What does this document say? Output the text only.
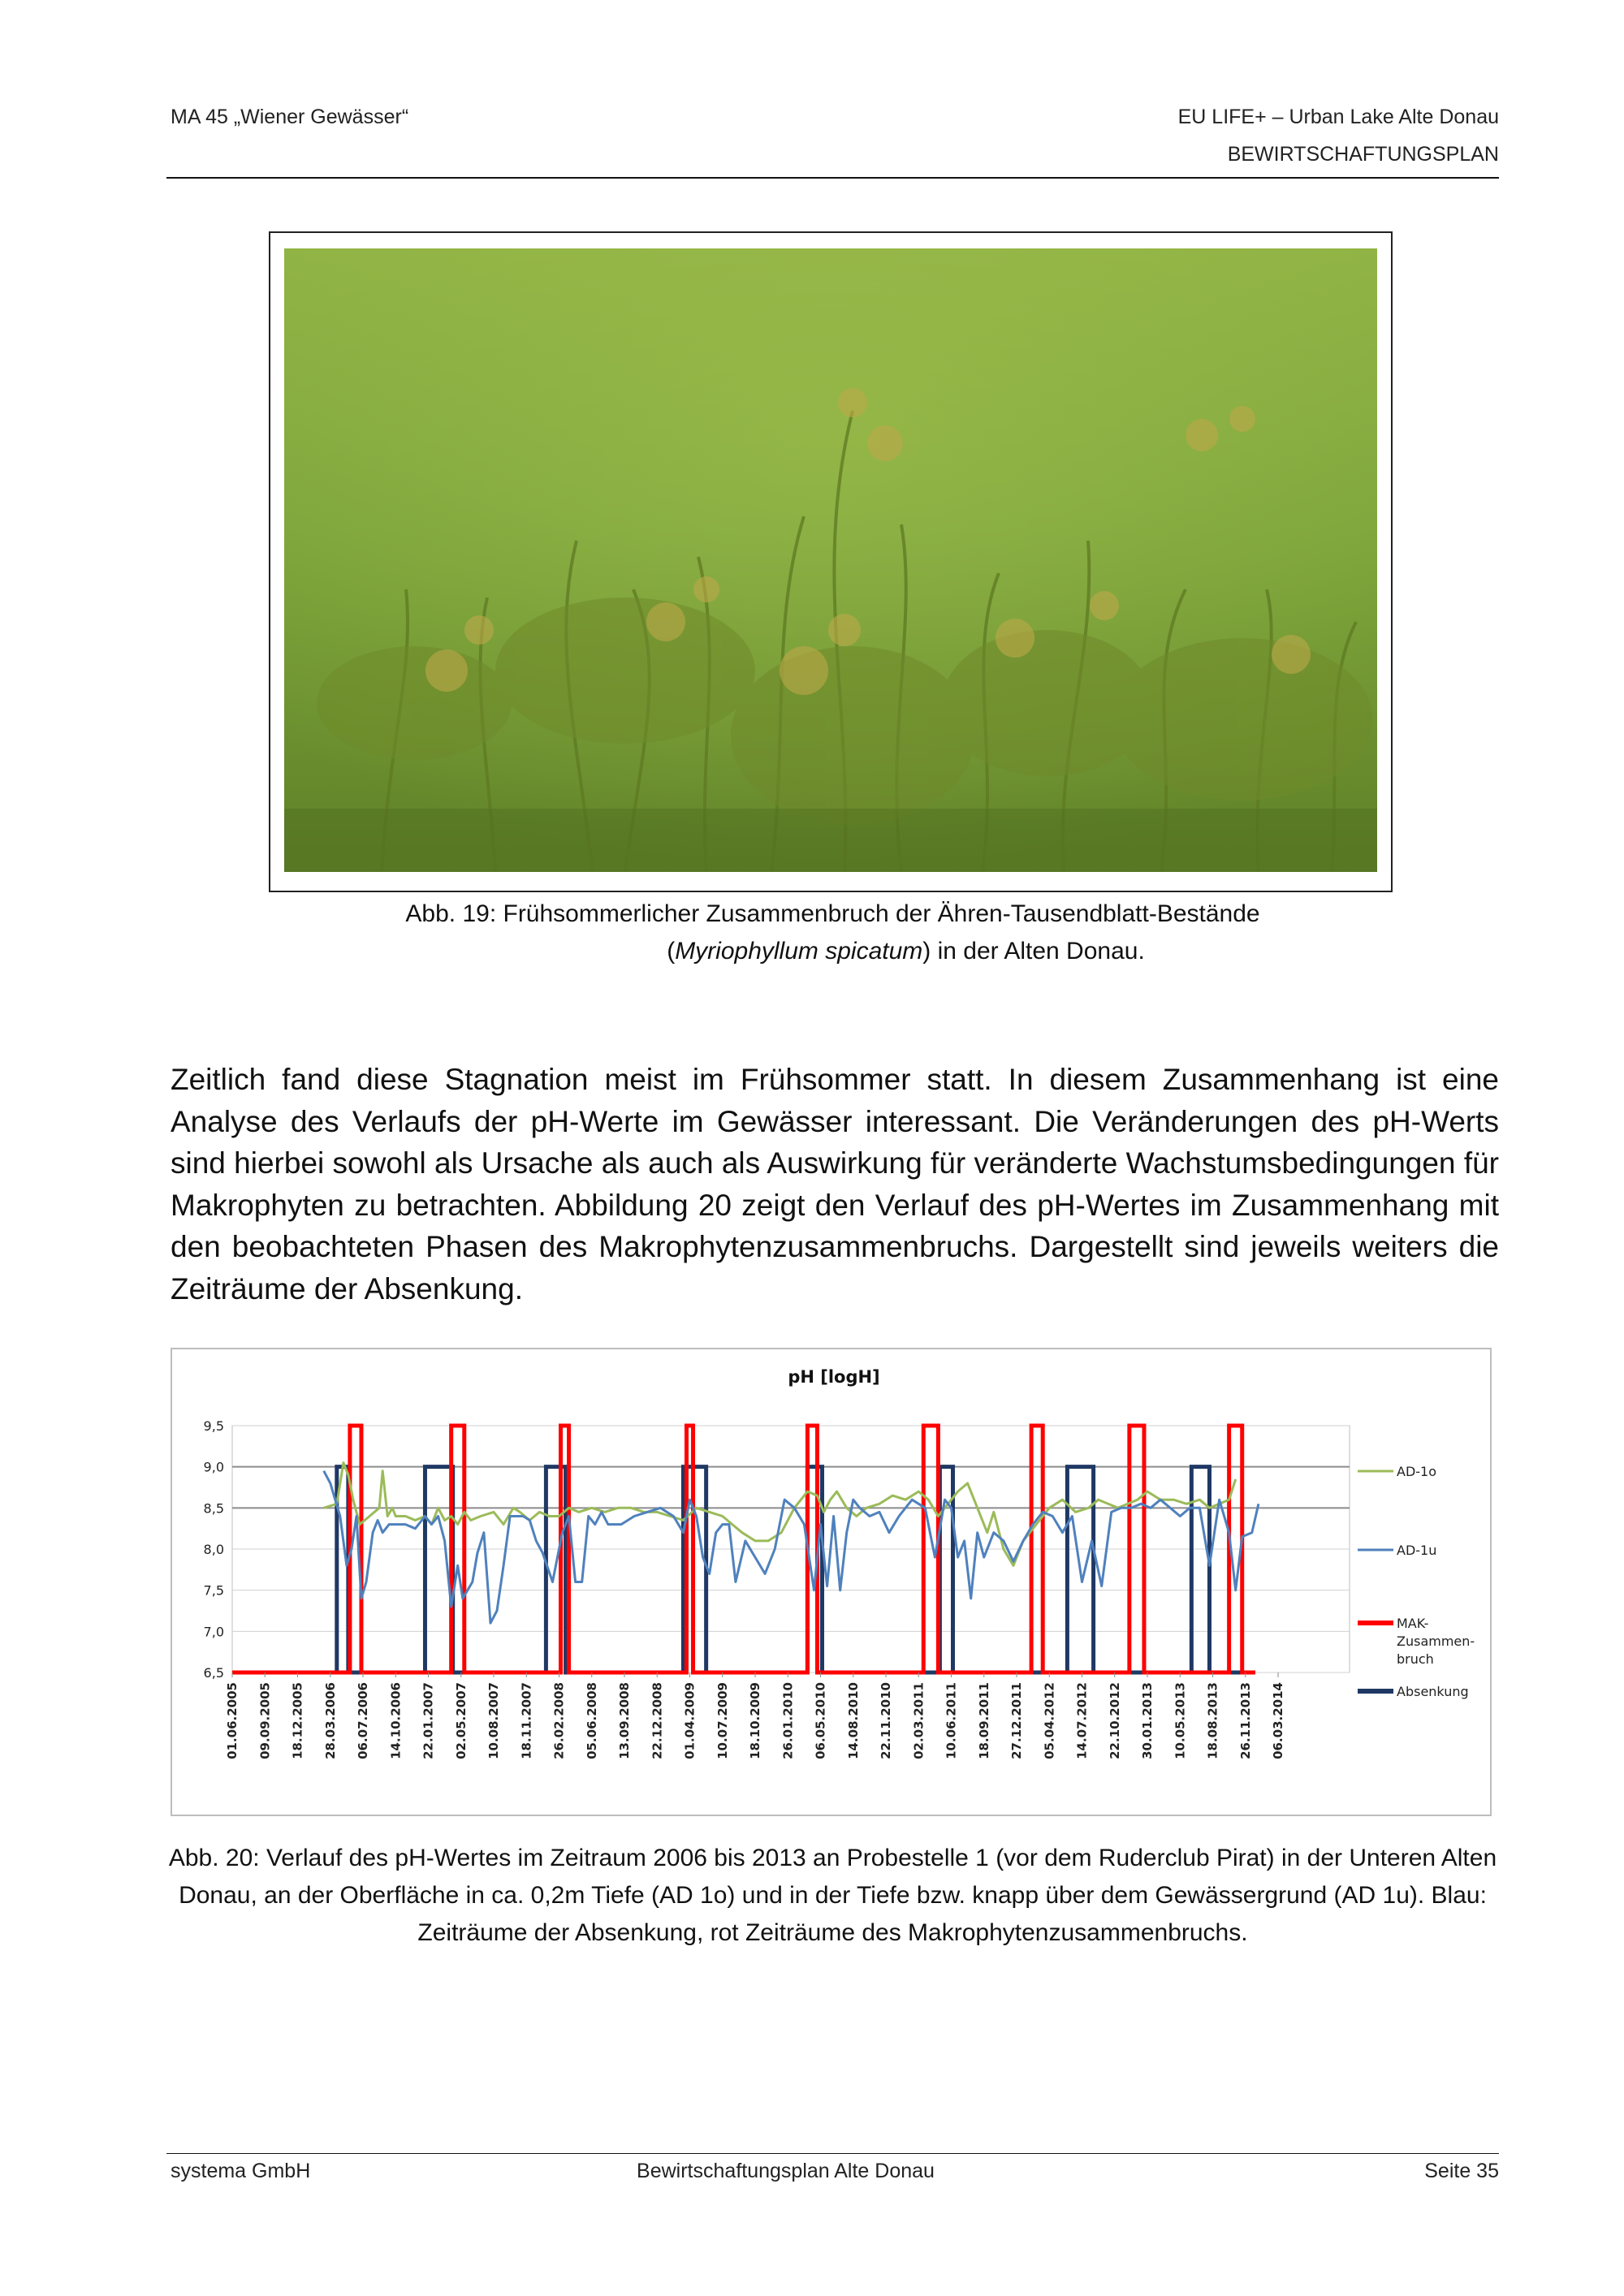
MA 45 „Wiener Gewässer“	EU LIFE+ – Urban Lake Alte Donau
BEWIRTSCHAFTUNGSPLAN
Abb. 19: Frühsommerlicher Zusammenbruch der Ähren-Tausendblatt-Bestände
(Myriophyllum spicatum) in der Alten Donau.

Zeitlich fand diese Stagnation meist im Frühsommer statt. In diesem Zusammenhang ist eine Analyse des Verlaufs der pH-Werte im Gewässer interessant. Die Veränderungen des pH-Werts sind hierbei sowohl als Ursache als auch als Auswirkung für veränderte Wachstumsbedingungen für Makrophyten zu betrachten. Abbildung 20 zeigt den Verlauf des pH-Wertes im Zusammenhang mit den beobachteten Phasen des Makrophytenzusammenbruchs. Dargestellt sind jeweils weiters die Zeiträume der Absenkung.

pH [logH]
9,5
9,0
8,5
8,0
7,5
7,0
6,5
01.06.2005 09.09.2005 18.12.2005 28.03.2006 06.07.2006 14.10.2006 22.01.2007 02.05.2007 10.08.2007 18.11.2007 26.02.2008 05.06.2008 13.09.2008 22.12.2008 01.04.2009 10.07.2009 18.10.2009 26.01.2010 06.05.2010 14.08.2010 22.11.2010 02.03.2011 10.06.2011 18.09.2011 27.12.2011 05.04.2012 14.07.2012 22.10.2012 30.01.2013 10.05.2013 18.08.2013 26.11.2013 06.03.2014
AD-1o
AD-1u
MAK-
Zusammen-
bruch
Absenkung
Abb. 20: Verlauf des pH-Wertes im Zeitraum 2006 bis 2013 an Probestelle 1 (vor dem Ruderclub Pirat) in der Unteren Alten Donau, an der Oberfläche in ca. 0,2m Tiefe (AD 1o) und in der Tiefe bzw. knapp über dem Gewässergrund (AD 1u). Blau: Zeiträume der Absenkung, rot Zeiträume des Makrophytenzusammenbruchs.
systema GmbH	Bewirtschaftungsplan Alte Donau	Seite 35
